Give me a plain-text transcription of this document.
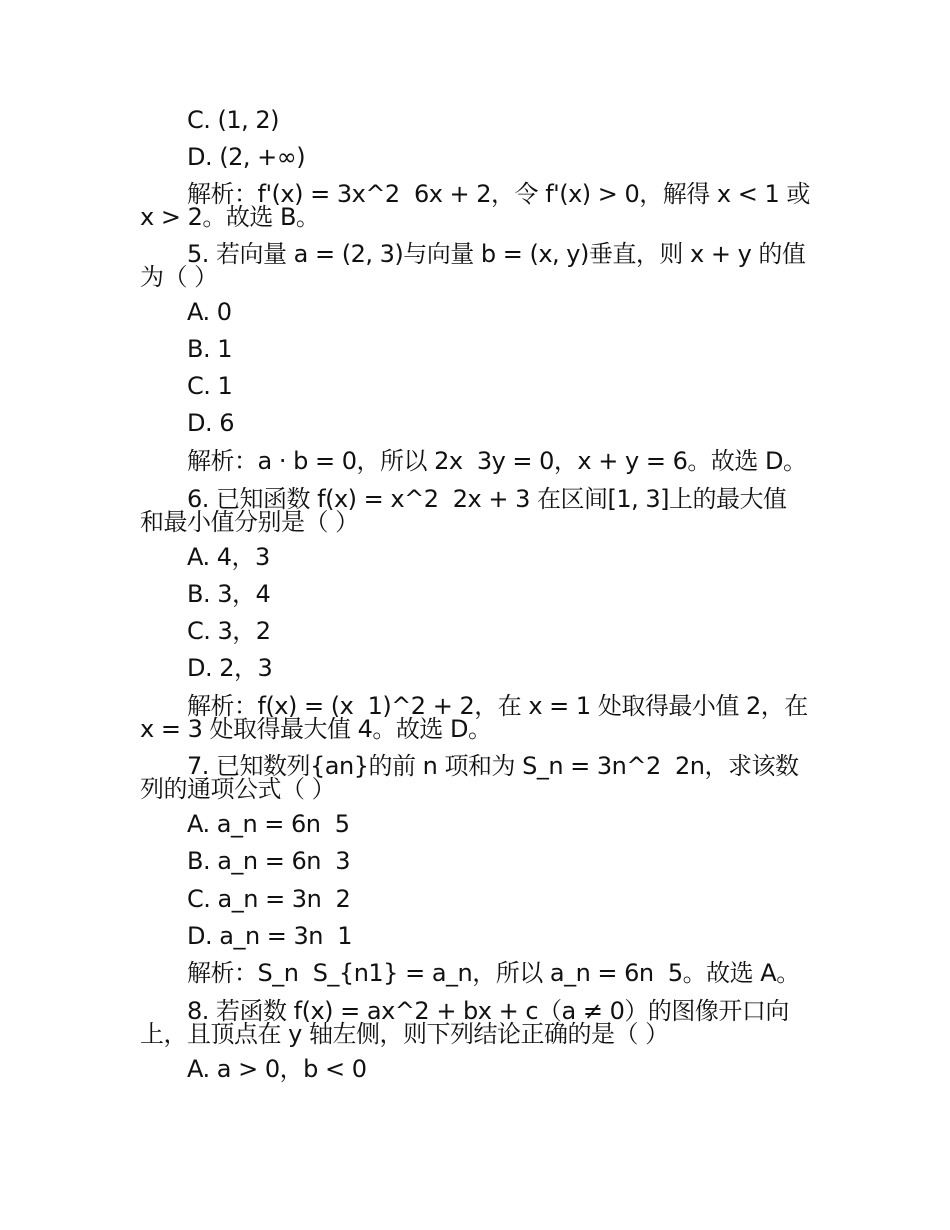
C. (1, 2)
D. (2, +∞)
解析：f'(x) = 3x^2  6x + 2，令 f'(x) > 0，解得 x < 1 或
x > 2。故选 B。
5. 若向量 a = (2, 3)与向量 b = (x, y)垂直，则 x + y 的值
为（ ）
A. 0
B. 1
C. 1
D. 6
解析：a · b = 0，所以 2x  3y = 0，x + y = 6。故选 D。
6. 已知函数 f(x) = x^2  2x + 3 在区间[1, 3]上的最大值
和最小值分别是（ ）
A. 4，3
B. 3，4
C. 3，2
D. 2，3
解析：f(x) = (x  1)^2 + 2，在 x = 1 处取得最小值 2，在
x = 3 处取得最大值 4。故选 D。
7. 已知数列{an}的前 n 项和为 S_n = 3n^2  2n，求该数
列的通项公式（ ）
A. a_n = 6n  5
B. a_n = 6n  3
C. a_n = 3n  2
D. a_n = 3n  1
解析：S_n  S_{n1} = a_n，所以 a_n = 6n  5。故选 A。
8. 若函数 f(x) = ax^2 + bx + c（a ≠ 0）的图像开口向
上，且顶点在 y 轴左侧，则下列结论正确的是（ ）
A. a > 0，b < 0
